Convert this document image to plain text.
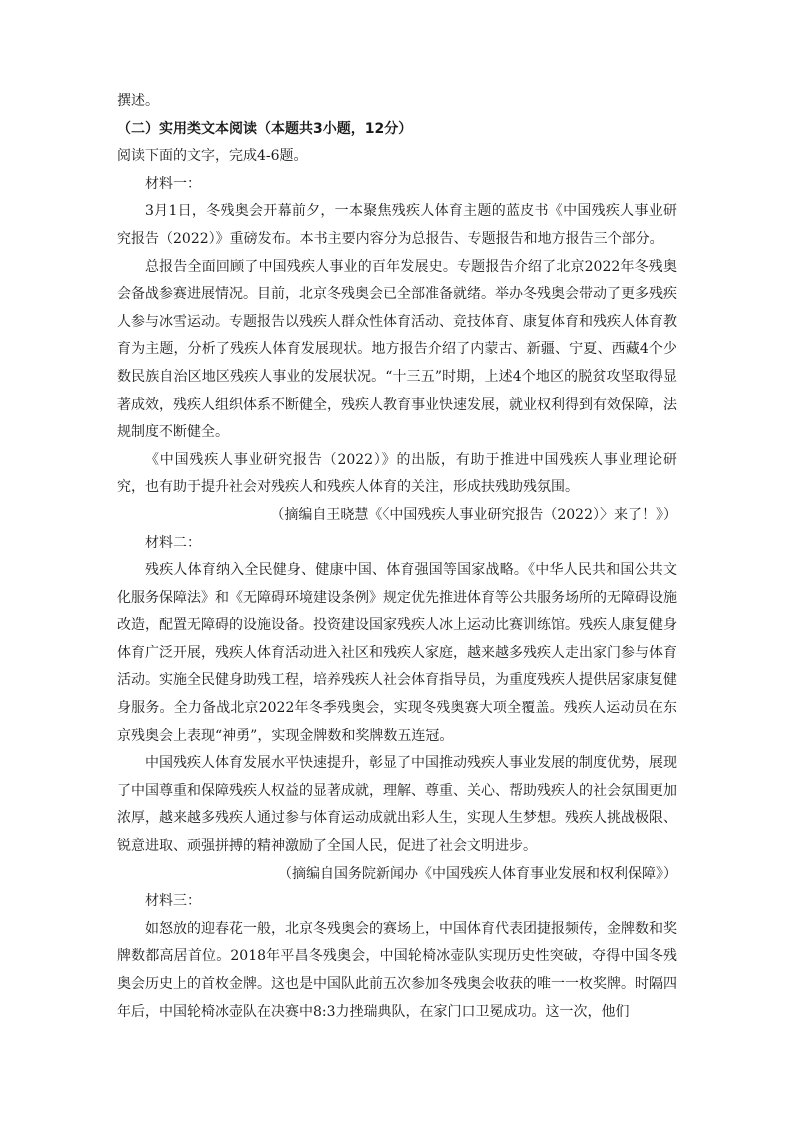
撰述。
（二）实用类文本阅读（本题共3小题，12分）
阅读下面的文字，完成4-6题。
材料一：

3月1日，冬残奥会开幕前夕，一本聚焦残疾人体育主题的蓝皮书《中国残疾人事业研究报告（2022）》重磅发布。本书主要内容分为总报告、专题报告和地方报告三个部分。

总报告全面回顾了中国残疾人事业的百年发展史。专题报告介绍了北京2022年冬残奥会备战参赛进展情况。目前，北京冬残奥会已全部准备就绪。举办冬残奥会带动了更多残疾人参与冰雪运动。专题报告以残疾人群众性体育活动、竞技体育、康复体育和残疾人体育教育为主题，分析了残疾人体育发展现状。地方报告介绍了内蒙古、新疆、宁夏、西藏4个少数民族自治区地区残疾人事业的发展状况。“十三五”时期，上述4个地区的脱贫攻坚取得显著成效，残疾人组织体系不断健全，残疾人教育事业快速发展，就业权利得到有效保障，法规制度不断健全。

《中国残疾人事业研究报告（2022）》的出版，有助于推进中国残疾人事业理论研究，也有助于提升社会对残疾人和残疾人体育的关注，形成扶残助残氛围。

（摘编自王晓慧《〈中国残疾人事业研究报告（2022）〉来了！》）

材料二：

残疾人体育纳入全民健身、健康中国、体育强国等国家战略。《中华人民共和国公共文化服务保障法》和《无障碍环境建设条例》规定优先推进体育等公共服务场所的无障碍设施改造，配置无障碍的设施设备。投资建设国家残疾人冰上运动比赛训练馆。残疾人康复健身体育广泛开展，残疾人体育活动进入社区和残疾人家庭，越来越多残疾人走出家门参与体育活动。实施全民健身助残工程，培养残疾人社会体育指导员，为重度残疾人提供居家康复健身服务。全力备战北京2022年冬季残奥会，实现冬残奥赛大项全覆盖。残疾人运动员在东京残奥会上表现“神勇”，实现金牌数和奖牌数五连冠。

中国残疾人体育发展水平快速提升，彰显了中国推动残疾人事业发展的制度优势，展现了中国尊重和保障残疾人权益的显著成就，理解、尊重、关心、帮助残疾人的社会氛围更加浓厚，越来越多残疾人通过参与体育运动成就出彩人生，实现人生梦想。残疾人挑战极限、锐意进取、顽强拼搏的精神激励了全国人民，促进了社会文明进步。

（摘编自国务院新闻办《中国残疾人体育事业发展和权利保障》）

材料三：

如怒放的迎春花一般，北京冬残奥会的赛场上，中国体育代表团捷报频传，金牌数和奖牌数都高居首位。2018年平昌冬残奥会，中国轮椅冰壶队实现历史性突破，夺得中国冬残奥会历史上的首枚金牌。这也是中国队此前五次参加冬残奥会收获的唯一一枚奖牌。时隔四年后，中国轮椅冰壶队在决赛中8:3力挫瑞典队，在家门口卫冕成功。这一次，他们
